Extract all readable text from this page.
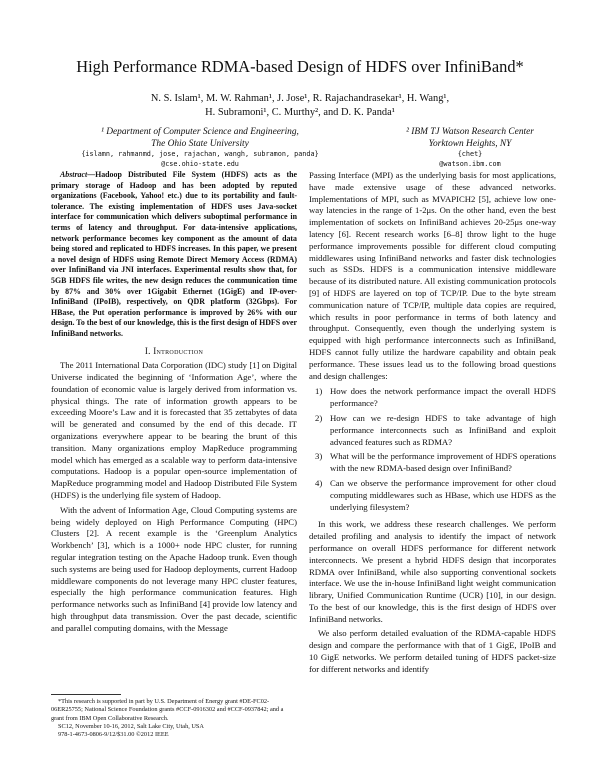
High Performance RDMA-based Design of HDFS over InfiniBand*
N. S. Islam¹, M. W. Rahman¹, J. Jose¹, R. Rajachandrasekar¹, H. Wang¹,
H. Subramoni¹, C. Murthy², and D. K. Panda¹
¹ Department of Computer Science and Engineering,
The Ohio State University
{islamn, rahmanmd, jose, rajachan, wangh, subramon, panda}
@cse.ohio-state.edu
² IBM TJ Watson Research Center
Yorktown Heights, NY
{chet}
@watson.ibm.com

Abstract—Hadoop Distributed File System (HDFS) acts as the primary storage of Hadoop and has been adopted by reputed organizations (Facebook, Yahoo! etc.) due to its portability and fault-tolerance. The existing implementation of HDFS uses Java-socket interface for communication which delivers suboptimal performance in terms of latency and throughput. For data-intensive applications, network performance becomes key component as the amount of data being stored and replicated to HDFS increases. In this paper, we present a novel design of HDFS using Remote Direct Memory Access (RDMA) over InfiniBand via JNI interfaces. Experimental results show that, for 5GB HDFS file writes, the new design reduces the communication time by 87% and 30% over 1Gigabit Ethernet (1GigE) and IP-over-InfiniBand (IPoIB), respectively, on QDR platform (32Gbps). For HBase, the Put operation performance is improved by 26% with our design. To the best of our knowledge, this is the first design of HDFS over InfiniBand networks.

I. Introduction

The 2011 International Data Corporation (IDC) study [1] on Digital Universe indicated the beginning of ‘Information Age’, where the foundation of economic value is largely derived from information vs. physical things. The rate of information growth appears to be exceeding Moore’s Law and it is forecasted that 35 zettabytes of data will be generated and consumed by the end of this decade. IT organizations everywhere appear to be bearing the brunt of this transition. Many organizations employ MapReduce programming model which has emerged as a scalable way to perform data-intensive computations. Hadoop is a popular open-source implementation of MapReduce programming model and Hadoop Distributed File System (HDFS) is the underlying file system of Hadoop.

With the advent of Information Age, Cloud Computing systems are being widely deployed on High Performance Computing (HPC) Clusters [2]. A recent example is the ‘Greenplum Analytics Workbench’ [3], which is a 1000+ node HPC cluster, for running regular integration testing on the Apache Hadoop trunk. Even though such systems are being used for Hadoop deployments, current Hadoop middleware components do not leverage many HPC cluster features, especially the high performance communication features. High performance networks such as InfiniBand [4] provide low latency and high throughput data transmission. Over the past decade, scientific and parallel computing domains, with the Message

Passing Interface (MPI) as the underlying basis for most applications, have made extensive usage of these advanced networks. Implementations of MPI, such as MVAPICH2 [5], achieve low one-way latencies in the range of 1-2μs. On the other hand, even the best implementation of sockets on InfiniBand achieves 20-25μs one-way latency [6]. Recent research works [6–8] throw light to the huge performance improvements possible for different cloud computing middlewares using InfiniBand networks and faster disk technologies such as SSDs. HDFS is a communication intensive middleware because of its distributed nature. All existing communication protocols [9] of HDFS are layered on top of TCP/IP. Due to the byte stream communication nature of TCP/IP, multiple data copies are required, which results in poor performance in terms of both latency and throughput. Consequently, even though the underlying system is equipped with high performance interconnects such as InfiniBand, HDFS cannot fully utilize the hardware capability and obtain peak performance. These issues lead us to the following broad questions and design challenges:

1) How does the network performance impact the overall HDFS performance?
2) How can we re-design HDFS to take advantage of high performance interconnects such as InfiniBand and exploit advanced features such as RDMA?
3) What will be the performance improvement of HDFS operations with the new RDMA-based design over InfiniBand?
4) Can we observe the performance improvement for other cloud computing middlewares such as HBase, which use HDFS as the underlying filesystem?

In this work, we address these research challenges. We perform detailed profiling and analysis to identify the impact of network performance on overall HDFS performance for different network interconnects. We present a hybrid HDFS design that incorporates RDMA over InfiniBand, while also supporting conventional sockets interface. We use the in-house InfiniBand light weight communication library, Unified Communication Runtime (UCR) [10], in our design. To the best of our knowledge, this is the first design of HDFS over InfiniBand networks.

We also perform detailed evaluation of the RDMA-capable HDFS design and compare the performance with that of 1 GigE, IPoIB and 10 GigE networks. We perform detailed tuning of HDFS packet-size for different networks and identify

*This research is supported in part by U.S. Department of Energy grant #DE-FC02-06ER25755; National Science Foundation grants #CCF-0916302 and #CCF-0937842; and a grant from IBM Open Collaborative Research.

SC12, November 10-16, 2012, Salt Lake City, Utah, USA

978-1-4673-0806-9/12/$31.00 ©2012 IEEE
